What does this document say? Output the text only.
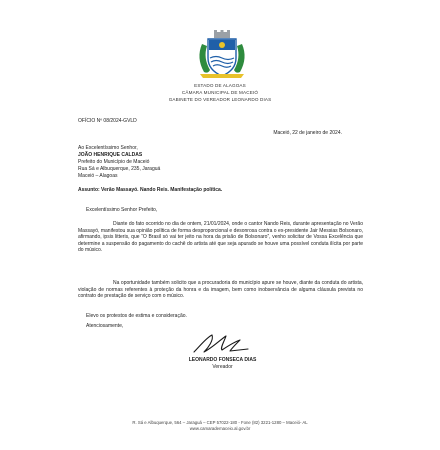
ESTADO DE ALAGOAS
CÂMARA MUNICIPAL DE MACEIÓ
GABINETE DO VEREADOR LEONARDO DIAS
OFÍCIO Nº 08/2024-GVLD
Maceió, 22 de janeiro de 2024.
Ao Excelentíssimo Senhor,
JOÃO HENRIQUE CALDAS
Prefeito do Município de Maceió
Rua Sá e Albuquerque, 235, Jaraguá
Maceió – Alagoas
Assunto: Verão Massayó. Nando Reis. Manifestação política.
Excelentíssimo Senhor Prefeito,

Diante do fato ocorrido no dia de ontem, 21/01/2024, onde o cantor Nando Reis, durante apresentação no Verão Massayó, manifestou sua opinião política de forma desproporcional e desonrosa contra o ex-presidente Jair Messias Bolsonaro, afirmando, ipsis litteris, que “O Brasil só vai ter jeito na hora da prisão de Bolsonaro”, venho solicitar de Vossa Excelência que determine a suspensão do pagamento do cachê do artista até que seja apurado se houve uma possível conduta ilícita por parte do músico.

Na oportunidade também solicito que a procuradoria do município apure se houve, diante da conduta do artista, violação de normas referentes à proteção da honra e da imagem, bem como inobservância de alguma cláusula prevista no contrato de prestação de serviço com o músico.

Elevo os protestos de estima e consideração.
Atenciosamente,
LEONARDO FONSECA DIAS
Vereador
R. Sá e Albuquerque, 564 – Jaraguá – CEP 57022-180 - Fone (82) 3221-1280 – Maceió- AL
www.camarademaceio.al.gov.br
